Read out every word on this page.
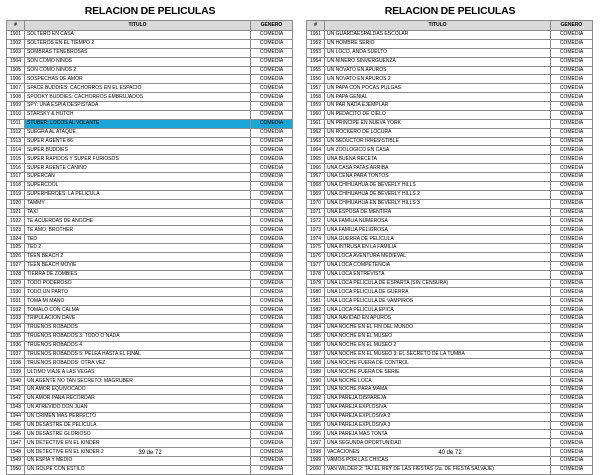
RELACION DE PELICULAS
#	TITULO	GENERO
1901	SOLTERO EN CASA	COMEDIA
1902	SOLTEROS EN EL TIEMPO 2	COMEDIA
1903	SOMBRAS TENEBROSAS	COMEDIA
1904	SON COMO NIÑOS	COMEDIA
1905	SON COMO NIÑOS 2	COMEDIA
1906	SOSPECHAS DE AMOR	COMEDIA
1907	SPACE BUDDIES: CACHORROS EN EL ESPACIO	COMEDIA
1908	SPOOKY BUDDIES: CACHORROS EMBRUJADOS	COMEDIA
1909	SPY: UNA ESPIA DESPISTADA	COMEDIA
1910	STARSKY & HUTCH	COMEDIA
1911	STUBER: LOCOS AL VOLANTE	COMEDIA
1912	SUEGRA AL ATAQUE	COMEDIA
1913	SUPER AGENTE 86	COMEDIA
1914	SUPER BUDDIES	COMEDIA
1915	SUPER RAPIDOS Y SUPER FURIOSOS	COMEDIA
1916	SUPER AGENTE CANINO	COMEDIA
1917	SUPERCAN	COMEDIA
1918	SUPERCOOL	COMEDIA
1919	SUPERHEROES: LA PELICULA	COMEDIA
1920	TAMMY	COMEDIA
1921	TAXI	COMEDIA
1922	TE ACUERDAS DE ANOCHE	COMEDIA
1923	TE AMO, BROTHER	COMEDIA
1924	TED	COMEDIA
1925	TED 2	COMEDIA
1926	TEEN BEACH 2	COMEDIA
1927	TEEN BEACH MOVIE	COMEDIA
1928	TIERRA DE ZOMBIES	COMEDIA
1929	TODO PODEROSO	COMEDIA
1930	TODO UN PARTO	COMEDIA
1931	TOMA MI MANO	COMEDIA
1932	TOMALO CON CALMA	COMEDIA
1933	TRIPULACION DAVE	COMEDIA
1934	TRUENOS ROBADOS	COMEDIA
1935	TRUENOS ROBADOS 3: TODO O NADA	COMEDIA
1936	TRUENOS ROBADOS 4	COMEDIA
1937	TRUENOS ROBADOS 5: PELEA HASTA EL FINAL	COMEDIA
1938	TRUENOS ROBADOS: OTRA VEZ	COMEDIA
1939	ULTIMO VIAJE A LAS VEGAS	COMEDIA
1940	UN AGENTE NO TAN SECRETO: MAGRUBER	COMEDIA
1941	UN AMOR EQUIVOCADO	COMEDIA
1942	UN AMOR PARA RECORDAR	COMEDIA
1943	UN ATREVIDO DON JUAN	COMEDIA
1944	UN CRIMEN MAS PERFECTO	COMEDIA
1945	UN DESASTRE DE PELICULA	COMEDIA
1946	UN DESASTRE GLORIOSO	COMEDIA
1947	UN DETECTIVE EN EL KINDER	COMEDIA
1948	UN DETECTIVE EN EL KINDER 2	COMEDIA
1949	UN ESPIA Y MEDIO	COMEDIA
1950	UN GOLPE CON ESTILO	COMEDIA
39 de 72
RELACION DE PELICULAS
#	TITULO	GENERO
1951	UN GUARDAESPALDAS ESCOLAR	COMEDIA
1952	UN HOMBRE SERIO	COMEDIA
1953	UN LOCO, ANDA SUELTO	COMEDIA
1954	UN NIÑERO SINVERGÜENZA	COMEDIA
1955	UN NOVATO EN APUROS	COMEDIA
1956	UN NOVATO EN APUROS 2	COMEDIA
1957	UN PAPA CON POCAS PULGAS	COMEDIA
1958	UN PAPA GENIAL	COMEDIA
1959	UN PAR NADA EJEMPLAR	COMEDIA
1960	UN PEDACITO DE CIELO	COMEDIA
1961	UN PRINCIPE EN NUEVA YORK	COMEDIA
1962	UN ROCKERO DE LOCURA	COMEDIA
1963	UN SEDUCTOR IRRESISTIBLE	COMEDIA
1964	UN ZOOLOGICO EN CASA	COMEDIA
1965	UNA BUENA RECETA	COMEDIA
1966	UNA CASA PATAS ARRIBA	COMEDIA
1967	UNA CENA PARA TONTOS	COMEDIA
1968	UNA CHIHUAHUA DE BEVERLY HILLS	COMEDIA
1969	UNA CHIHUAHUA DE BEVERLY HILLS 2	COMEDIA
1970	UNA CHIHUAHUA EN BEVERLY HILLS 3	COMEDIA
1971	UNA ESPOSA DE MENTIRA	COMEDIA
1972	UNA FAMILIA NUMEROSA	COMEDIA
1973	UNA FAMILIA PELIGROSA	COMEDIA
1974	UNA GUERRA DE PELICULA	COMEDIA
1975	UNA INTRUSA EN LA FAMILIA	COMEDIA
1976	UNA LOCA AVENTURA MEDIEVAL	COMEDIA
1977	UNA LOCA COMPETENCIA	COMEDIA
1978	UNA LOCA ENTREVISTA	COMEDIA
1979	UNA LOCA PELICULA DE ESPARTA (SIN CENSURA)	COMEDIA
1980	UNA LOCA PELICULA DE GUERRA	COMEDIA
1981	UNA LOCA PELICULA DE VAMPIROS	COMEDIA
1982	UNA LOCA PELICULA EPICA	COMEDIA
1983	UNA NAVIDAD EN APUROS	COMEDIA
1984	UNA NOCHE EN EL FIN DEL MUNDO	COMEDIA
1985	UNA NOCHE EN EL MUSEO	COMEDIA
1986	UNA NOCHE EN EL MUSEO 2	COMEDIA
1987	UNA NOCHE EN EL MUSEO 3: EL SECRETO DE LA TUMBA	COMEDIA
1988	UNA NOCHE FUERA DE CONTROL	COMEDIA
1989	UNA NOCHE FUERA DE SERIE	COMEDIA
1990	UNA NOCHE LOCA	COMEDIA
1991	UNA NOCHE PARA MAMA	COMEDIA
1992	UNA PAREJA DISPAREJA	COMEDIA
1993	UNA PAREJA EXPLOSIVA	COMEDIA
1994	UNA PAREJA EXPLOSIVA 2	COMEDIA
1995	UNA PAREJA EXPLOSIVA 3	COMEDIA
1996	UNA PAREJA MAS TONTA	COMEDIA
1997	UNA SEGUNDA OPORTUNIDAD	COMEDIA
1998	VACACIONES	COMEDIA
1999	VAMOS POR LAS CHICAS	COMEDIA
2000	VAN WILDER 2: TAJ EL REY DE LAS FIESTAS (2a. DE FIESTA SALVAJE)	COMEDIA
40 de 72
